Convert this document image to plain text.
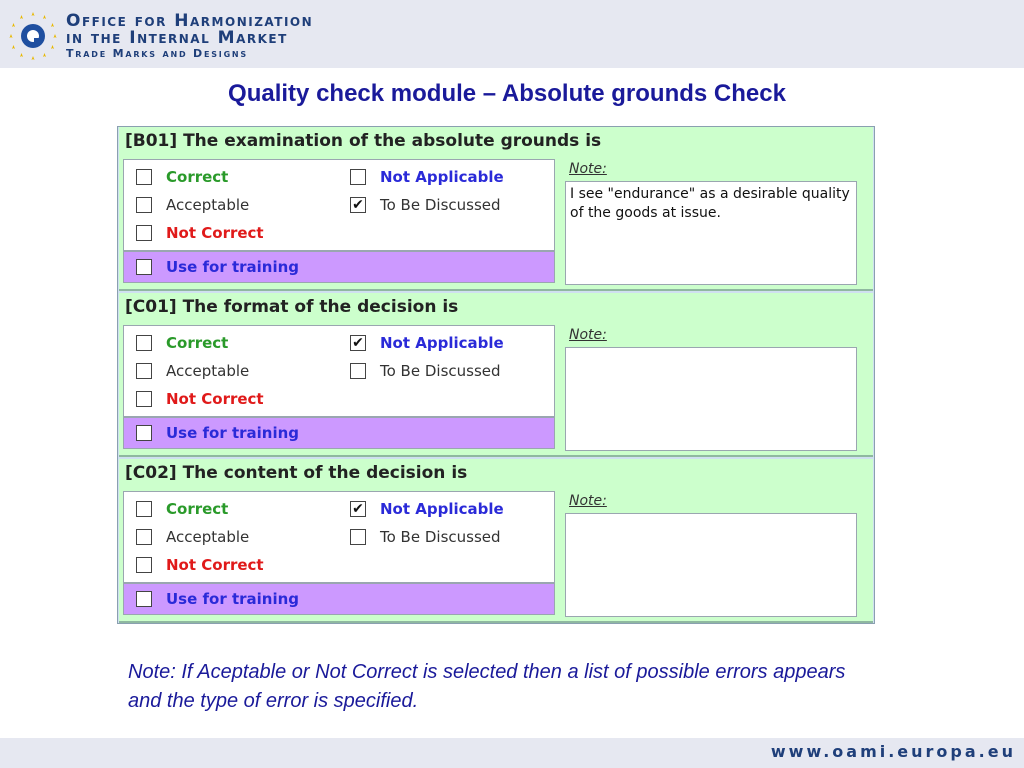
Office for Harmonization
in the Internal Market
Trade Marks and Designs
Quality check module – Absolute grounds Check
[B01] The examination of the absolute grounds is
Correct	Not Applicable
Acceptable	✔ To Be Discussed
Not Correct
Use for training
Note:
I see "endurance" as a desirable quality of the goods at issue.
[C01] The format of the decision is
Correct	✔ Not Applicable
Acceptable	To Be Discussed
Not Correct
Use for training
Note:
[C02] The content of the decision is
Correct	✔ Not Applicable
Acceptable	To Be Discussed
Not Correct
Use for training
Note:
Note: If Aceptable or Not Correct is selected then a list of possible errors appears and the type of error is specified.
www.oami.europa.eu
